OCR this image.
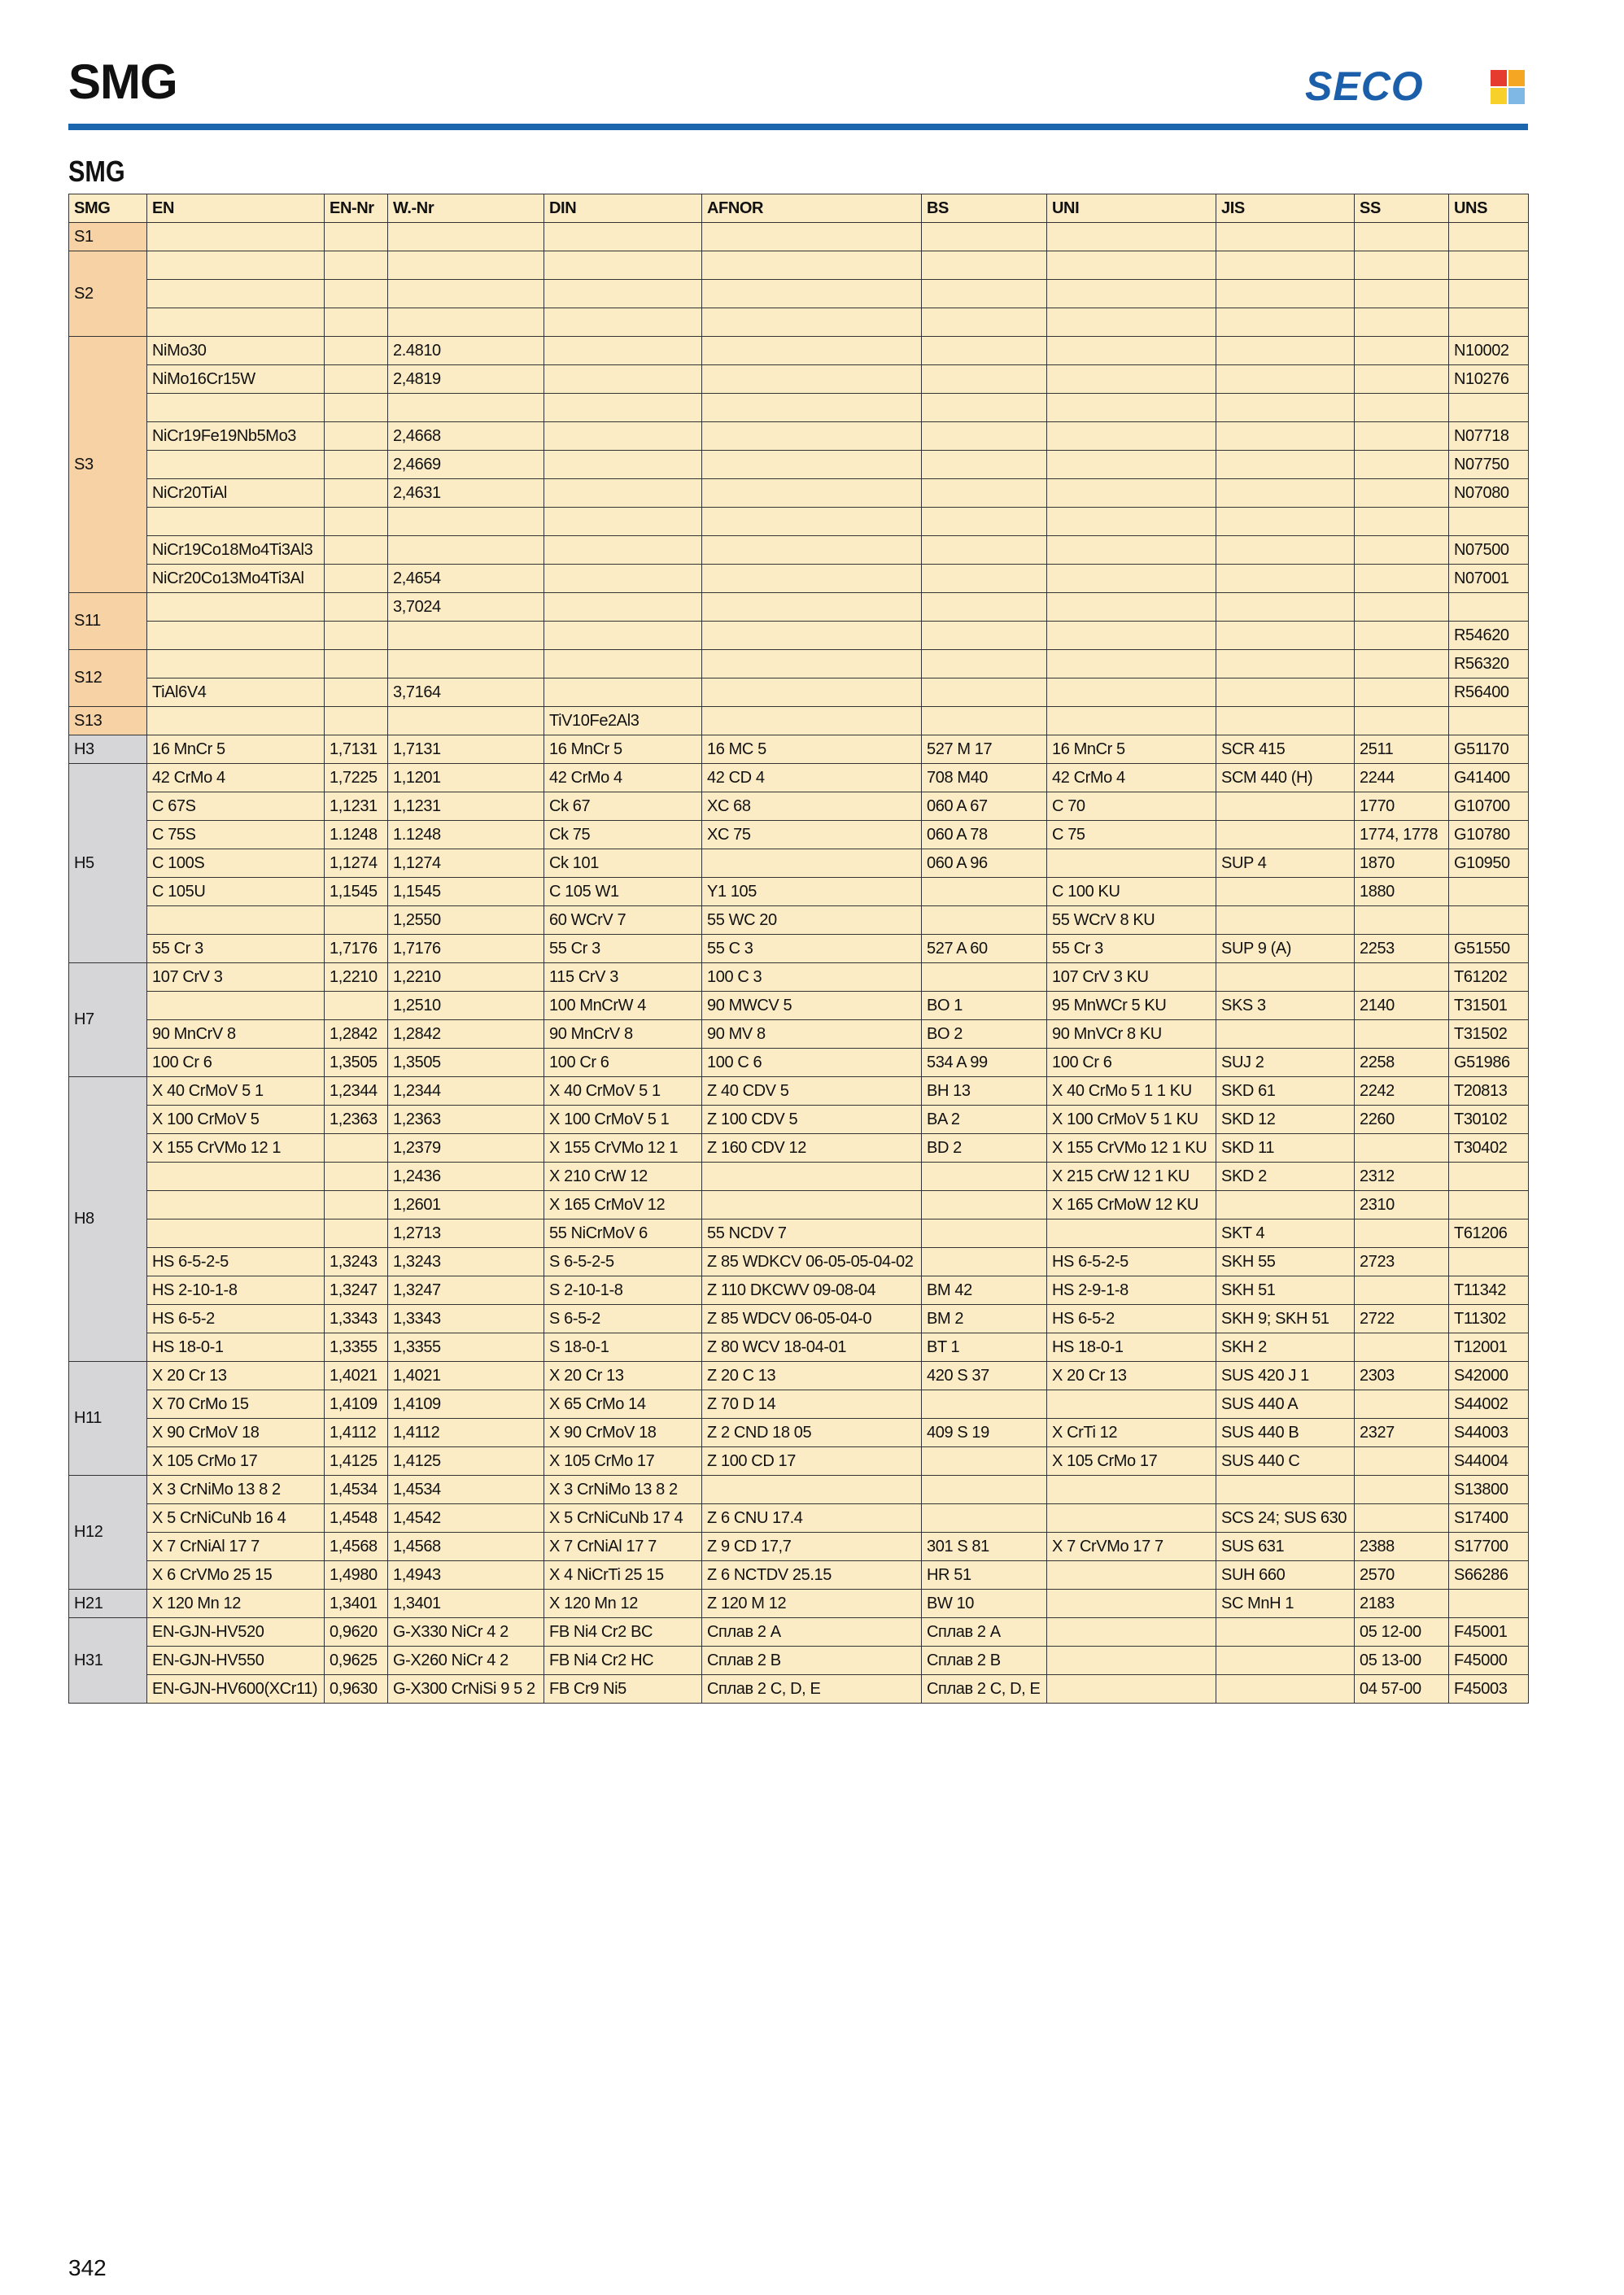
SMG	SECO
SMG
SMG	EN	EN-Nr	W.-Nr	DIN	AFNOR	BS	UNI	JIS	SS	UNS
S1										
S2										

S3	NiMo30		2.4810							N10002
	NiMo16Cr15W		2,4819							N10276

	NiCr19Fe19Nb5Mo3		2,4668							N07718
			2,4669							N07750
	NiCr20TiAl		2,4631							N07080

	NiCr19Co18Mo4Ti3Al3									N07500
	NiCr20Co13Mo4Ti3Al		2,4654							N07001
S11			3,7024							
										R54620
S12										R56320
	TiAl6V4		3,7164							R56400
S13				TiV10Fe2Al3						
H3	16 MnCr 5	1,7131	1,7131	16 MnCr 5	16 MC 5	527 M 17	16 MnCr 5	SCR 415	2511	G51170
H5	42 CrMo 4	1,7225	1,1201	42 CrMo 4	42 CD 4	708 M40	42 CrMo 4	SCM 440 (H)	2244	G41400
	C 67S	1,1231	1,1231	Ck 67	XC 68	060 A 67	C 70		1770	G10700
	C 75S	1.1248	1.1248	Ck 75	XC 75	060 A 78	C 75		1774, 1778	G10780
	C 100S	1,1274	1,1274	Ck 101		060 A 96		SUP 4	1870	G10950
	C 105U	1,1545	1,1545	C 105 W1	Y1 105		C 100 KU		1880	
			1,2550	60 WCrV 7	55 WC 20		55 WCrV 8 KU			
	55 Cr 3	1,7176	1,7176	55 Cr 3	55 C 3	527 A 60	55 Cr 3	SUP 9 (A)	2253	G51550
H7	107 CrV 3	1,2210	1,2210	115 CrV 3	100 C 3		107 CrV 3 KU			T61202
			1,2510	100 MnCrW 4	90 MWCV 5	BO 1	95 MnWCr 5 KU	SKS 3	2140	T31501
	90 MnCrV 8	1,2842	1,2842	90 MnCrV 8	90 MV 8	BO 2	90 MnVCr 8 KU			T31502
	100 Cr 6	1,3505	1,3505	100 Cr 6	100 C 6	534 A 99	100 Cr 6	SUJ 2	2258	G51986
H8	X 40 CrMoV 5 1	1,2344	1,2344	X 40 CrMoV 5 1	Z 40 CDV 5	BH 13	X 40 CrMo 5 1 1 KU	SKD 61	2242	T20813
	X 100 CrMoV 5	1,2363	1,2363	X 100 CrMoV 5 1	Z 100 CDV 5	BA 2	X 100 CrMoV 5 1 KU	SKD 12	2260	T30102
	X 155 CrVMo 12 1		1,2379	X 155 CrVMo 12 1	Z 160 CDV 12	BD 2	X 155 CrVMo 12 1 KU	SKD 11		T30402
			1,2436	X 210 CrW 12			X 215 CrW 12 1 KU	SKD 2	2312	
			1,2601	X 165 CrMoV 12			X 165 CrMoW 12 KU		2310	
			1,2713	55 NiCrMoV 6	55 NCDV 7			SKT 4		T61206
	HS 6-5-2-5	1,3243	1,3243	S 6-5-2-5	Z 85 WDKCV 06-05-05-04-02		HS 6-5-2-5	SKH 55	2723	
	HS 2-10-1-8	1,3247	1,3247	S 2-10-1-8	Z 110 DKCWV 09-08-04	BM 42	HS 2-9-1-8	SKH 51		T11342
	HS 6-5-2	1,3343	1,3343	S 6-5-2	Z 85 WDCV 06-05-04-0	BM 2	HS 6-5-2	SKH 9; SKH 51	2722	T11302
	HS 18-0-1	1,3355	1,3355	S 18-0-1	Z 80 WCV 18-04-01	BT 1	HS 18-0-1	SKH 2		T12001
H11	X 20 Cr 13	1,4021	1,4021	X 20 Cr 13	Z 20 C 13	420 S 37	X 20 Cr 13	SUS 420 J 1	2303	S42000
	X 70 CrMo 15	1,4109	1,4109	X 65 CrMo 14	Z 70 D 14			SUS 440 A		S44002
	X 90 CrMoV 18	1,4112	1,4112	X 90 CrMoV 18	Z 2 CND 18 05	409 S 19	X CrTi 12	SUS 440 B	2327	S44003
	X 105 CrMo 17	1,4125	1,4125	X 105 CrMo 17	Z 100 CD 17		X 105 CrMo 17	SUS 440 C		S44004
H12	X 3 CrNiMo 13 8 2	1,4534	1,4534	X 3 CrNiMo 13 8 2						S13800
	X 5 CrNiCuNb 16 4	1,4548	1,4542	X 5 CrNiCuNb 17 4	Z 6 CNU 17.4			SCS 24; SUS 630		S17400
	X 7 CrNiAl 17 7	1,4568	1,4568	X 7 CrNiAl 17 7	Z 9 CD 17,7	301 S 81	X 7 CrVMo 17 7	SUS 631	2388	S17700
	X 6 CrVMo 25 15	1,4980	1,4943	X 4 NiCrTi 25 15	Z 6 NCTDV 25.15	HR 51		SUH 660	2570	S66286
H21	X 120 Mn 12	1,3401	1,3401	X 120 Mn 12	Z 120 M 12	BW 10		SC MnH 1	2183	
H31	EN-GJN-HV520	0,9620	G-X330 NiCr 4 2	FB Ni4 Cr2 BC	Сплав 2 А	Сплав 2 А			05 12-00	F45001
	EN-GJN-HV550	0,9625	G-X260 NiCr 4 2	FB Ni4 Cr2 HC	Сплав 2 В	Сплав 2 В			05 13-00	F45000
	EN-GJN-HV600(XCr11)	0,9630	G-X300 CrNiSi 9 5 2	FB Cr9 Ni5	Сплав 2 С, D, E	Сплав 2 С, D, E			04 57-00	F45003
342
